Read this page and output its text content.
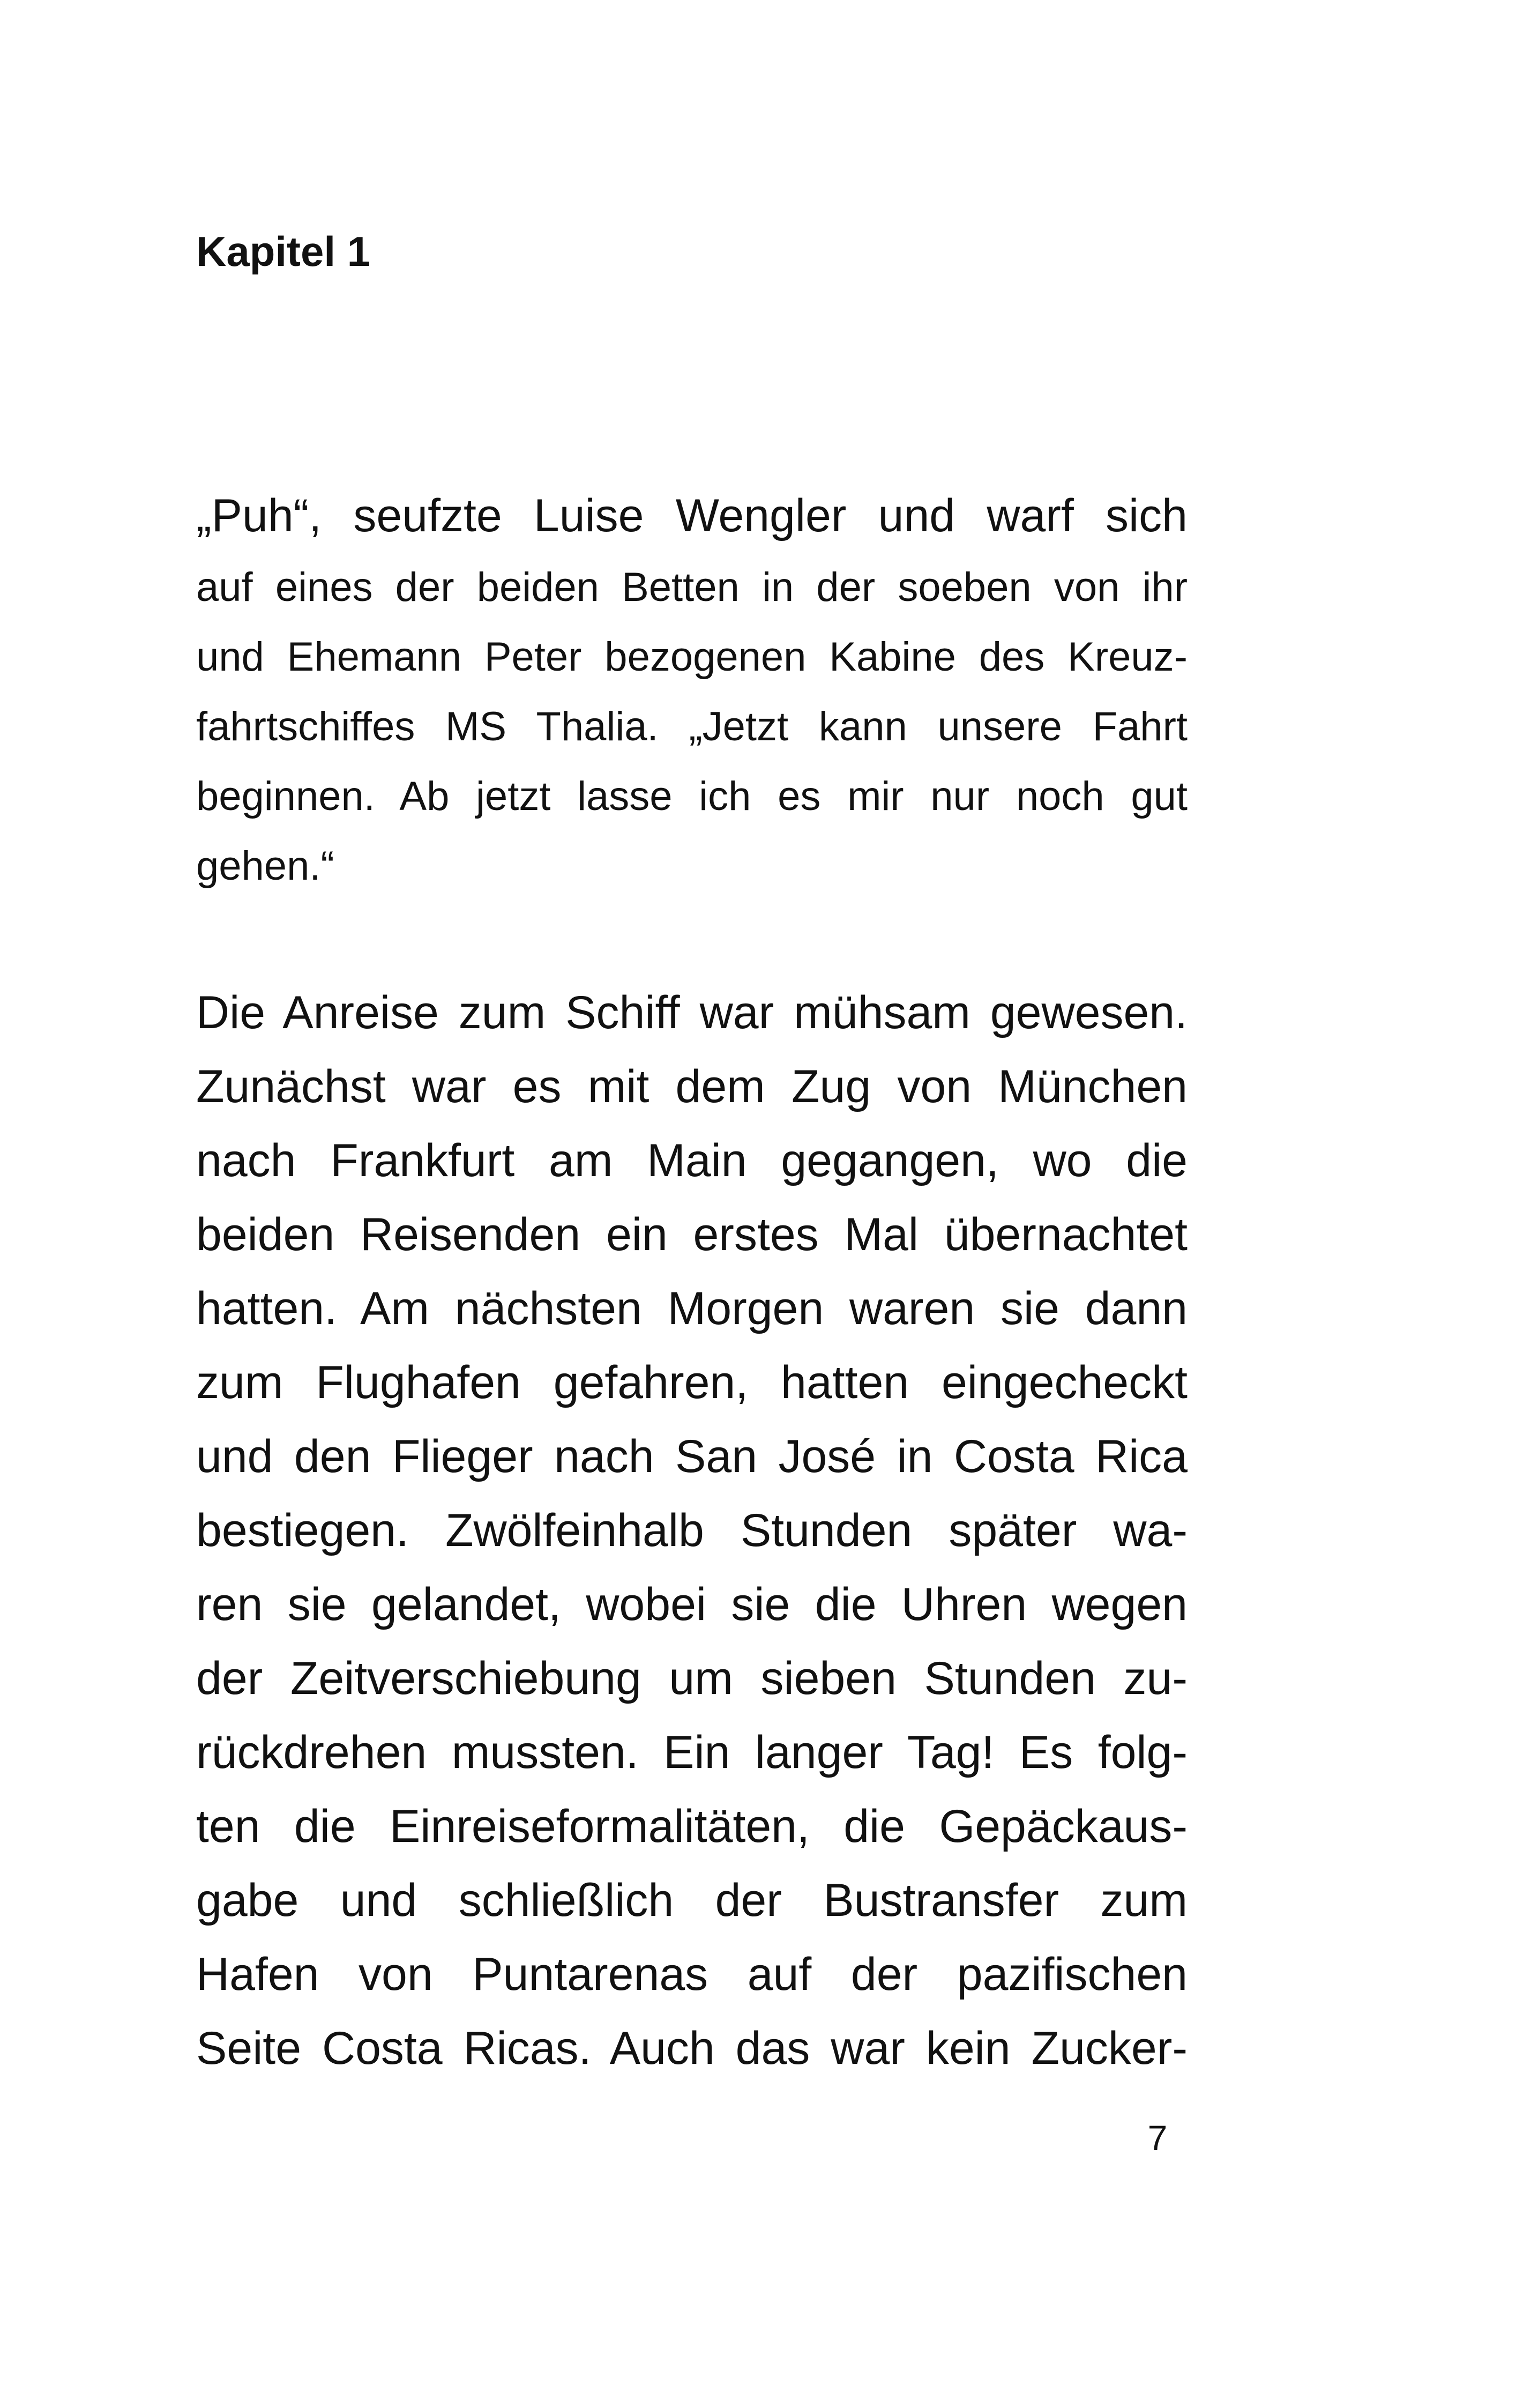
Kapitel 1

„Puh“, seufzte Luise Wengler und warf sich
auf eines der beiden Betten in der soeben von ihr
und Ehemann Peter bezogenen Kabine des Kreuz-
fahrtschiffes MS Thalia. „Jetzt kann unsere Fahrt
beginnen. Ab jetzt lasse ich es mir nur noch gut
gehen.“

Die Anreise zum Schiff war mühsam gewesen.
Zunächst war es mit dem Zug von München
nach Frankfurt am Main gegangen, wo die
beiden Reisenden ein erstes Mal übernachtet
hatten. Am nächsten Morgen waren sie dann
zum Flughafen gefahren, hatten eingecheckt
und den Flieger nach San José in Costa Rica
bestiegen. Zwölfeinhalb Stunden später wa-
ren sie gelandet, wobei sie die Uhren wegen
der Zeitverschiebung um sieben Stunden zu-
rückdrehen mussten. Ein langer Tag! Es folg-
ten die Einreiseformalitäten, die Gepäckaus-
gabe und schließlich der Bustransfer zum
Hafen von Puntarenas auf der pazifischen
Seite Costa Ricas. Auch das war kein Zucker-

7
